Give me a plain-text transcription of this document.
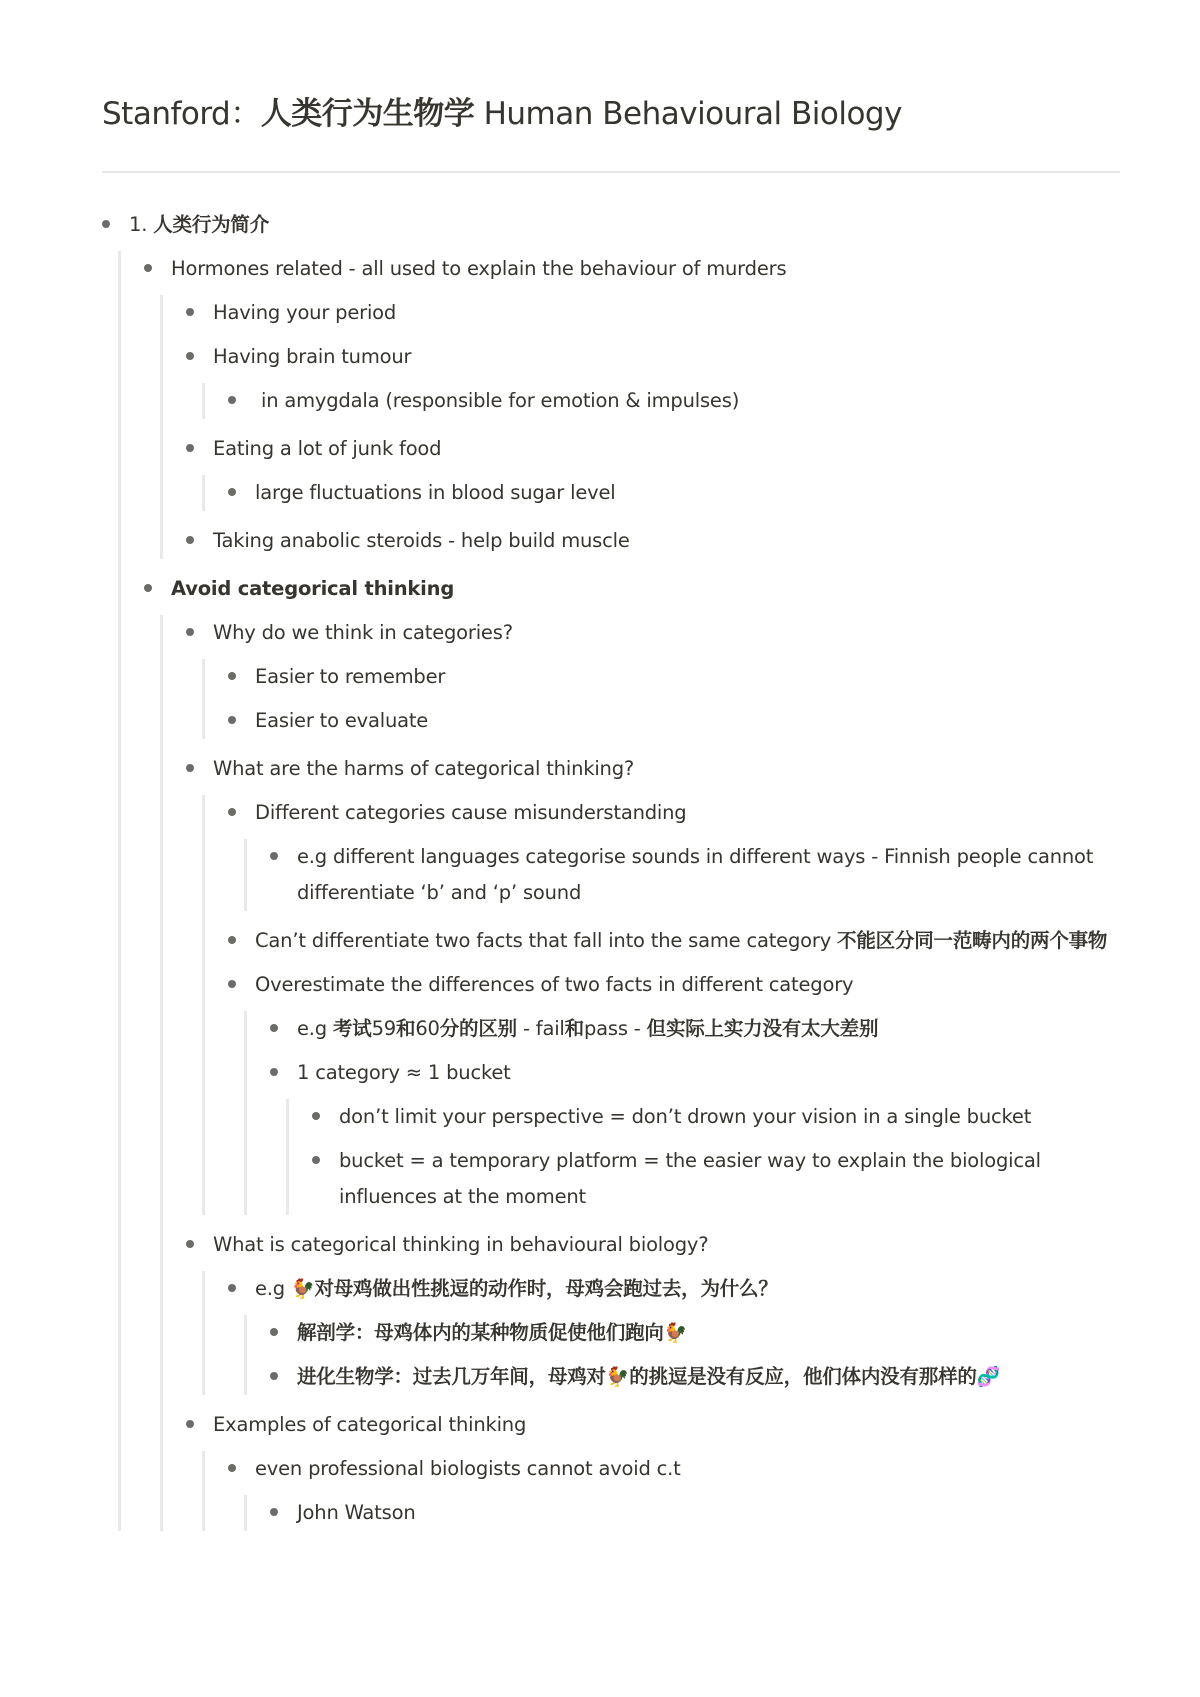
Stanford：人类行为生物学 Human Behavioural Biology
1. 人类行为简介
Hormones related - all used to explain the behaviour of murders
Having your period
Having brain tumour
in amygdala (responsible for emotion & impulses)
Eating a lot of junk food
large fluctuations in blood sugar level
Taking anabolic steroids - help build muscle
Avoid categorical thinking
Why do we think in categories?
Easier to remember
Easier to evaluate
What are the harms of categorical thinking?
Different categories cause misunderstanding
e.g different languages categorise sounds in different ways - Finnish people cannot differentiate ‘b’ and ‘p’ sound
Can’t differentiate two facts that fall into the same category 不能区分同一范畴内的两个事物
Overestimate the differences of two facts in different category
e.g 考试59和60分的区别 - fail和pass - 但实际上实力没有太大差别
1 category ≈ 1 bucket
don’t limit your perspective = don’t drown your vision in a single bucket
bucket = a temporary platform = the easier way to explain the biological influences at the moment
What is categorical thinking in behavioural biology?
e.g 🐓对母鸡做出性挑逗的动作时，母鸡会跑过去，为什么？
解剖学：母鸡体内的某种物质促使他们跑向🐓
进化生物学：过去几万年间，母鸡对🐓的挑逗是没有反应，他们体内没有那样的🧬
Examples of categorical thinking
even professional biologists cannot avoid c.t
John Watson
